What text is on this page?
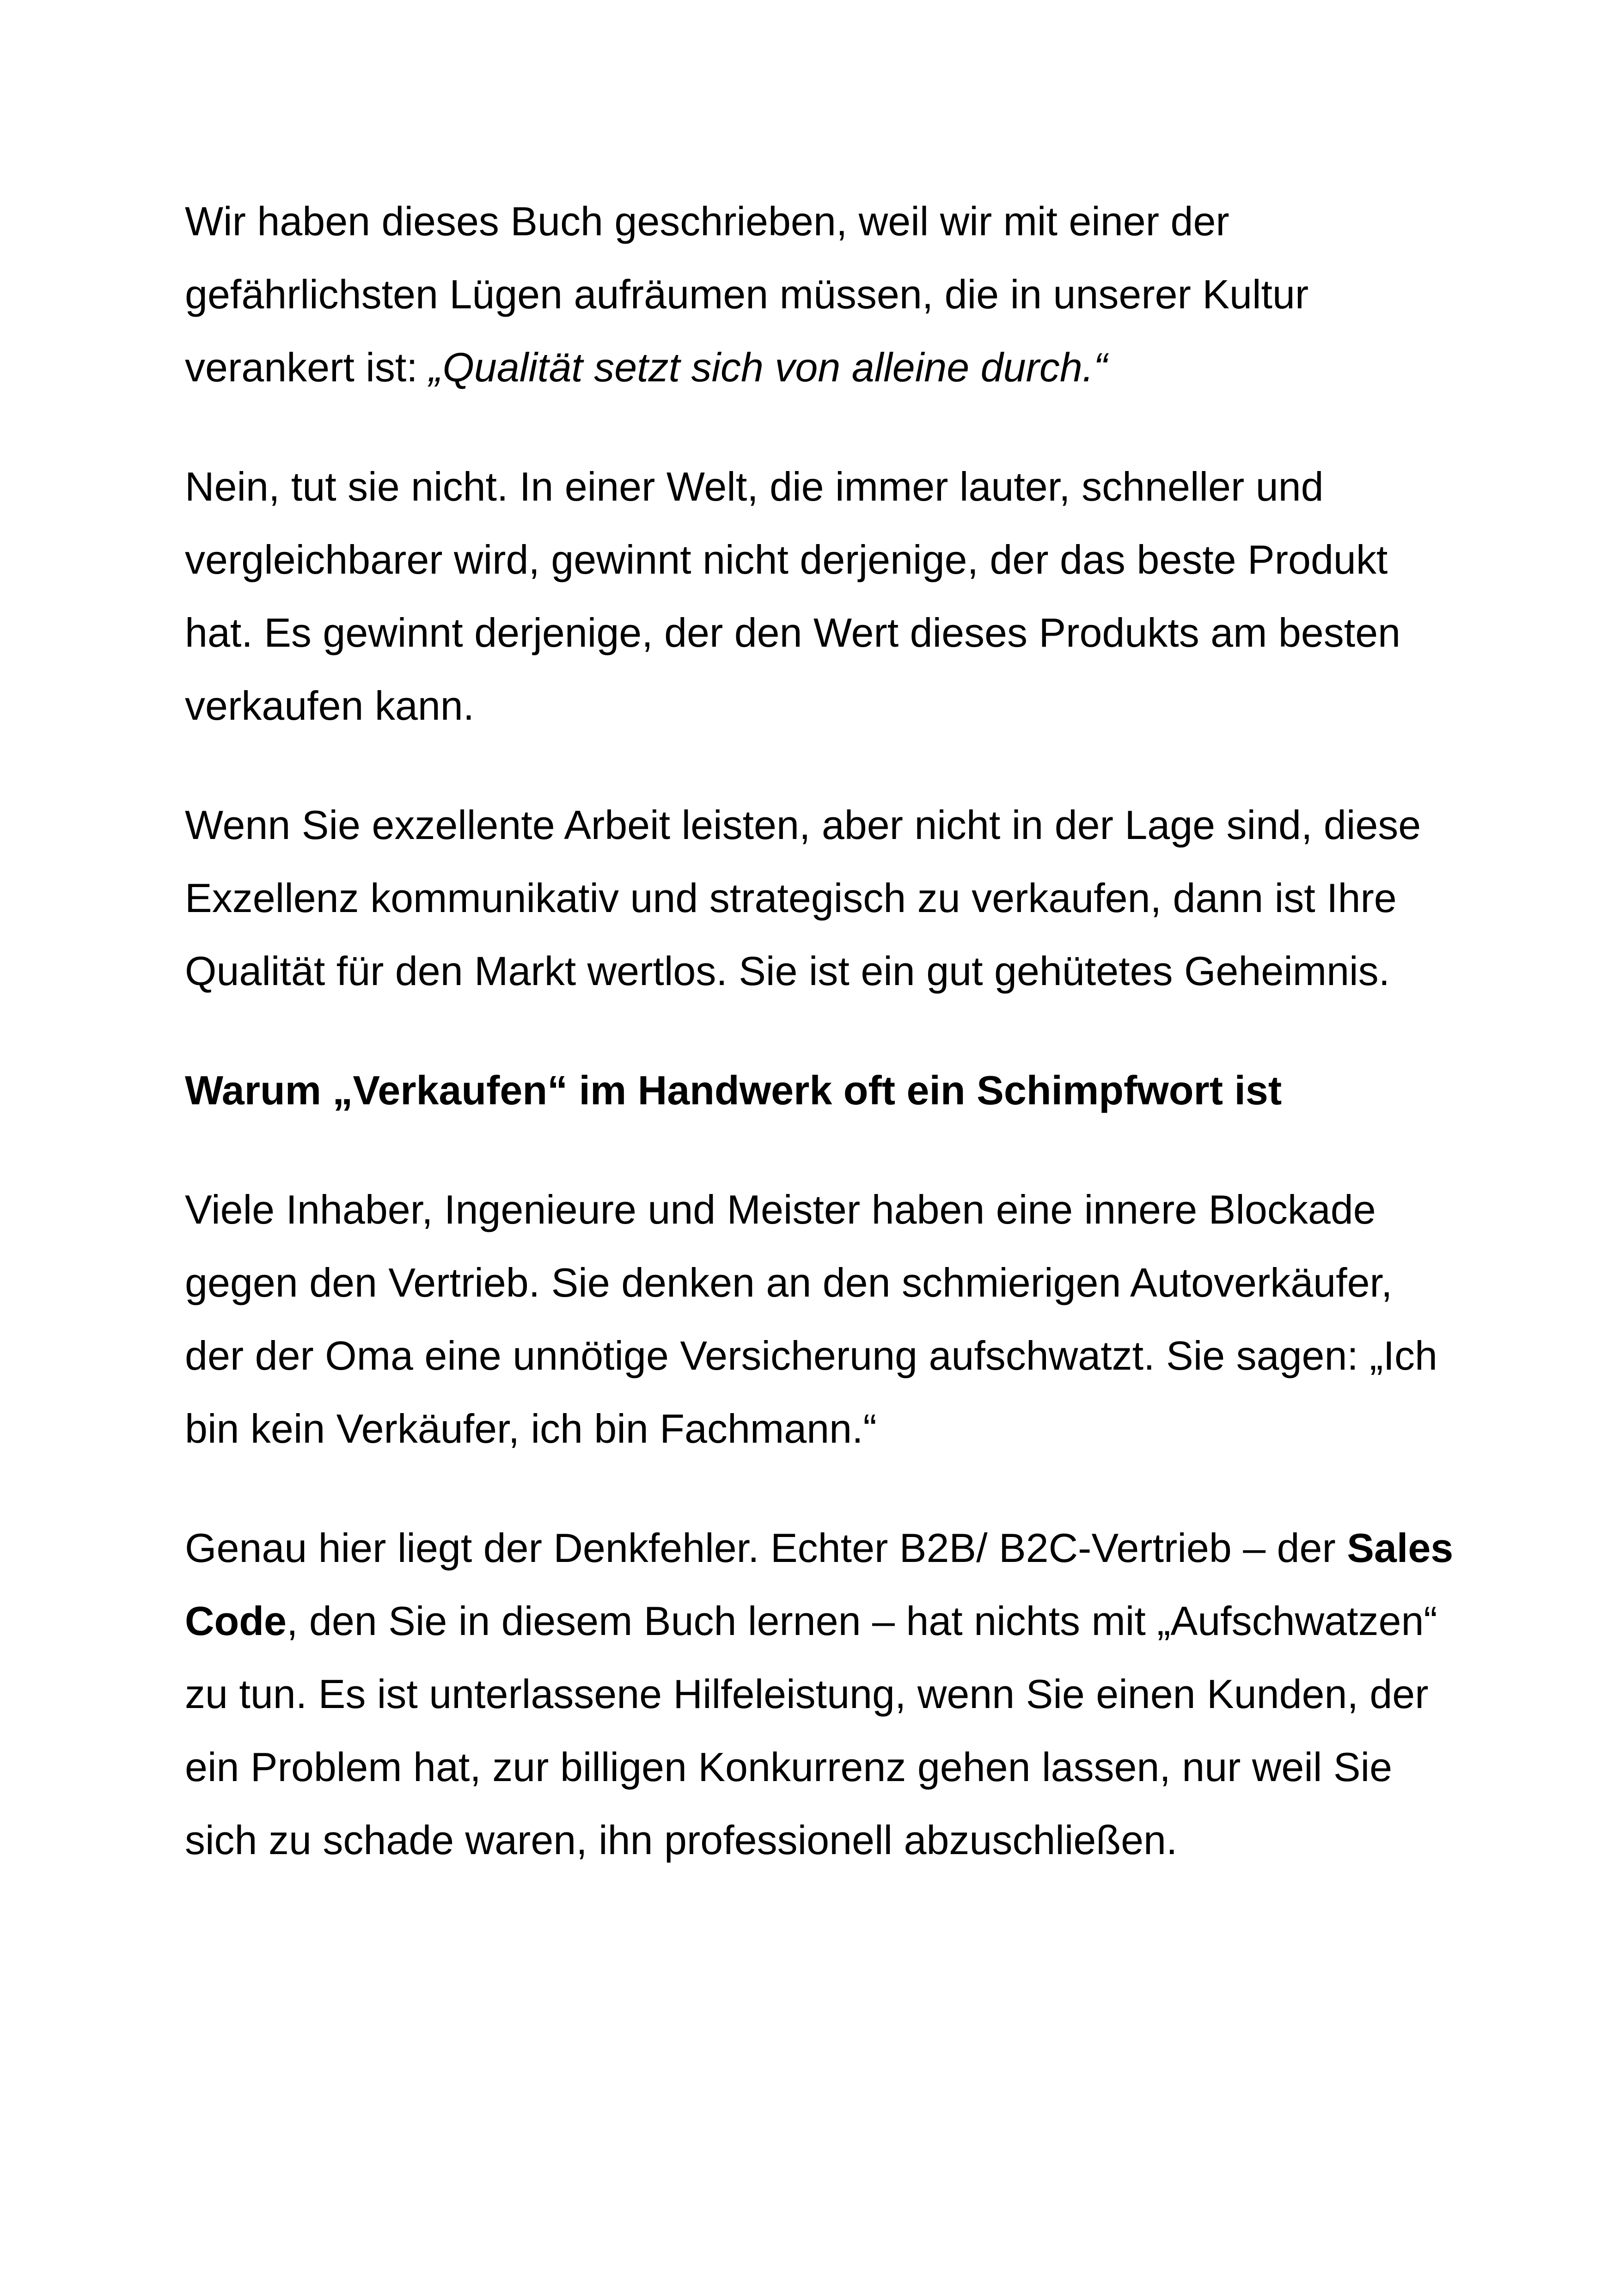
Wir haben dieses Buch geschrieben, weil wir mit einer der gefährlichsten Lügen aufräumen müssen, die in unserer Kultur verankert ist: „Qualität setzt sich von alleine durch.“

Nein, tut sie nicht. In einer Welt, die immer lauter, schneller und vergleichbarer wird, gewinnt nicht derjenige, der das beste Produkt hat. Es gewinnt derjenige, der den Wert dieses Produkts am besten verkaufen kann.

Wenn Sie exzellente Arbeit leisten, aber nicht in der Lage sind, diese Exzellenz kommunikativ und strategisch zu verkaufen, dann ist Ihre Qualität für den Markt wertlos. Sie ist ein gut gehütetes Geheimnis.

Warum „Verkaufen“ im Handwerk oft ein Schimpfwort ist

Viele Inhaber, Ingenieure und Meister haben eine innere Blockade gegen den Vertrieb. Sie denken an den schmierigen Autoverkäufer, der der Oma eine unnötige Versicherung aufschwatzt. Sie sagen: „Ich bin kein Verkäufer, ich bin Fachmann.“

Genau hier liegt der Denkfehler. Echter B2B/ B2C-Vertrieb – der Sales Code, den Sie in diesem Buch lernen – hat nichts mit „Aufschwatzen“ zu tun. Es ist unterlassene Hilfeleistung, wenn Sie einen Kunden, der ein Problem hat, zur billigen Konkurrenz gehen lassen, nur weil Sie sich zu schade waren, ihn professionell abzuschließen.
